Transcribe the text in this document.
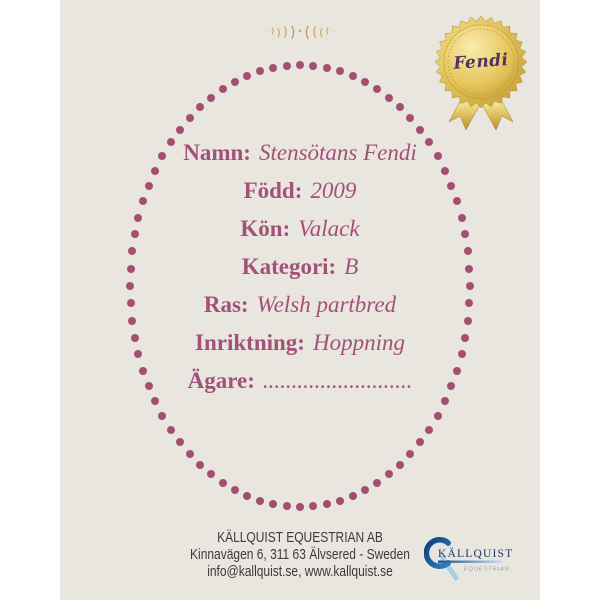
· · ) ) ) ) • ( ( ( ( · ·
Fendi
Namn: Stensötans Fendi
Född: 2009
Kön: Valack
Kategori: B
Ras: Welsh partbred
Inriktning: Hoppning
Ägare: ..........................
KÄLLQUIST EQUESTRIAN AB
Kinnavägen 6, 311 63 Älvsered - Sweden
info@kallquist.se, www.kallquist.se
KÄLLQUIST
EQUESTRIAN
